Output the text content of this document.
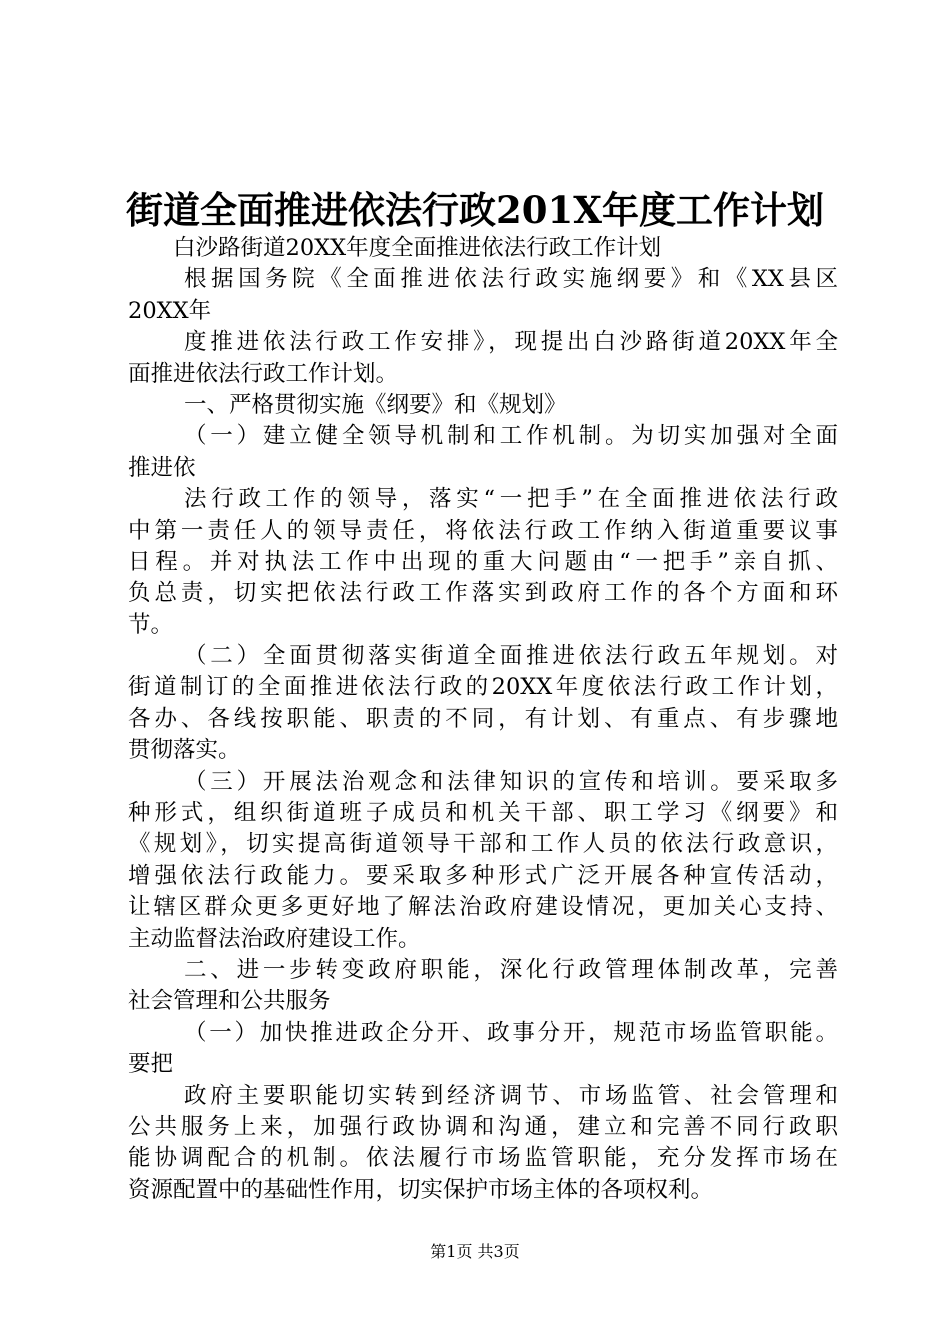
街道全面推进依法行政201X年度工作计划
白沙路街道20XX年度全面推进依法行政工作计划
根据国务院《全面推进依法行政实施纲要》和《XX县区
20XX年
度推进依法行政工作安排》，现提出白沙路街道20XX年全
面推进依法行政工作计划。
一、严格贯彻实施《纲要》和《规划》
（一）建立健全领导机制和工作机制。为切实加强对全面
推进依
法行政工作的领导，落实“一把手”在全面推进依法行政
中第一责任人的领导责任，将依法行政工作纳入街道重要议事
日程。并对执法工作中出现的重大问题由“一把手”亲自抓、
负总责，切实把依法行政工作落实到政府工作的各个方面和环
节。
（二）全面贯彻落实街道全面推进依法行政五年规划。对
街道制订的全面推进依法行政的20XX年度依法行政工作计划，
各办、各线按职能、职责的不同，有计划、有重点、有步骤地
贯彻落实。
（三）开展法治观念和法律知识的宣传和培训。要采取多
种形式，组织街道班子成员和机关干部、职工学习《纲要》和
《规划》，切实提高街道领导干部和工作人员的依法行政意识，
增强依法行政能力。要采取多种形式广泛开展各种宣传活动，
让辖区群众更多更好地了解法治政府建设情况，更加关心支持、
主动监督法治政府建设工作。
二、进一步转变政府职能，深化行政管理体制改革，完善
社会管理和公共服务
（一）加快推进政企分开、政事分开，规范市场监管职能。
要把
政府主要职能切实转到经济调节、市场监管、社会管理和
公共服务上来，加强行政协调和沟通，建立和完善不同行政职
能协调配合的机制。依法履行市场监管职能，充分发挥市场在
资源配置中的基础性作用，切实保护市场主体的各项权利。
第1页 共3页
